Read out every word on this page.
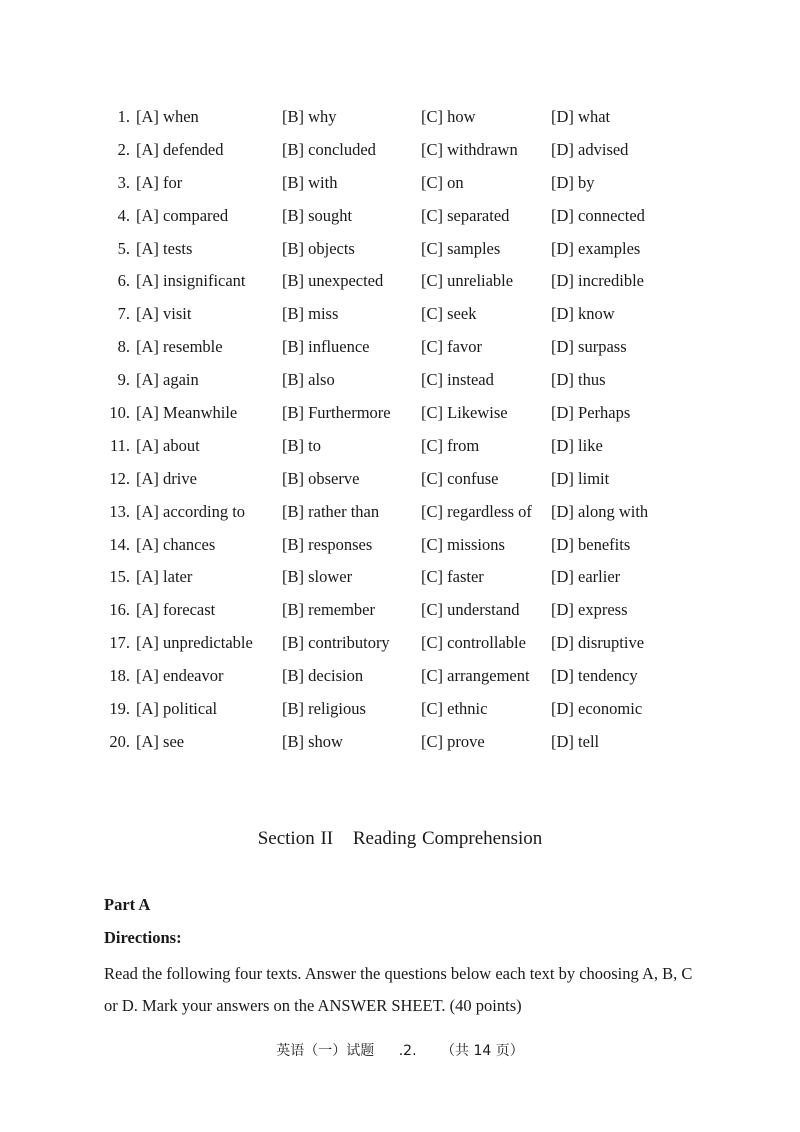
1. [A] when	[B] why	[C] how	[D] what
2. [A] defended	[B] concluded	[C] withdrawn [D] advised
3. [A] for	[B] with	[C] on	[D] by
4. [A] compared	[B] sought	[C] separated	[D] connected
5. [A] tests	[B] objects	[C] samples	[D] examples
6. [A] insignificant [B] unexpected [C] unreliable [D] incredible
7. [A] visit	[B] miss	[C] seek	[D] know
8. [A] resemble	[B] influence	[C] favor	[D] surpass
9. [A] again	[B] also	[C] instead	[D] thus
10. [A] Meanwhile	[B] Furthermore [C] Likewise	[D] Perhaps
11. [A] about	[B] to	[C] from	[D] like
12. [A] drive	[B] observe	[C] confuse	[D] limit
13. [A] according to [B] rather than	[C] regardless of [D] along with
14. [A] chances	[B] responses	[C] missions	[D] benefits
15. [A] later	[B] slower	[C] faster	[D] earlier
16. [A] forecast	[B] remember	[C] understand [D] express
17. [A] unpredictable [B] contributory [C] controllable [D] disruptive
18. [A] endeavor	[B] decision	[C] arrangement [D] tendency
19. [A] political	[B] religious	[C] ethnic	[D] economic
20. [A] see	[B] show	[C] prove	[D] tell
Section II Reading Comprehension
Part A
Directions:
Read the following four texts. Answer the questions below each text by choosing A, B, C or D. Mark your answers on the ANSWER SHEET. (40 points)
英语（一）试题 .2. （共 14 页）
